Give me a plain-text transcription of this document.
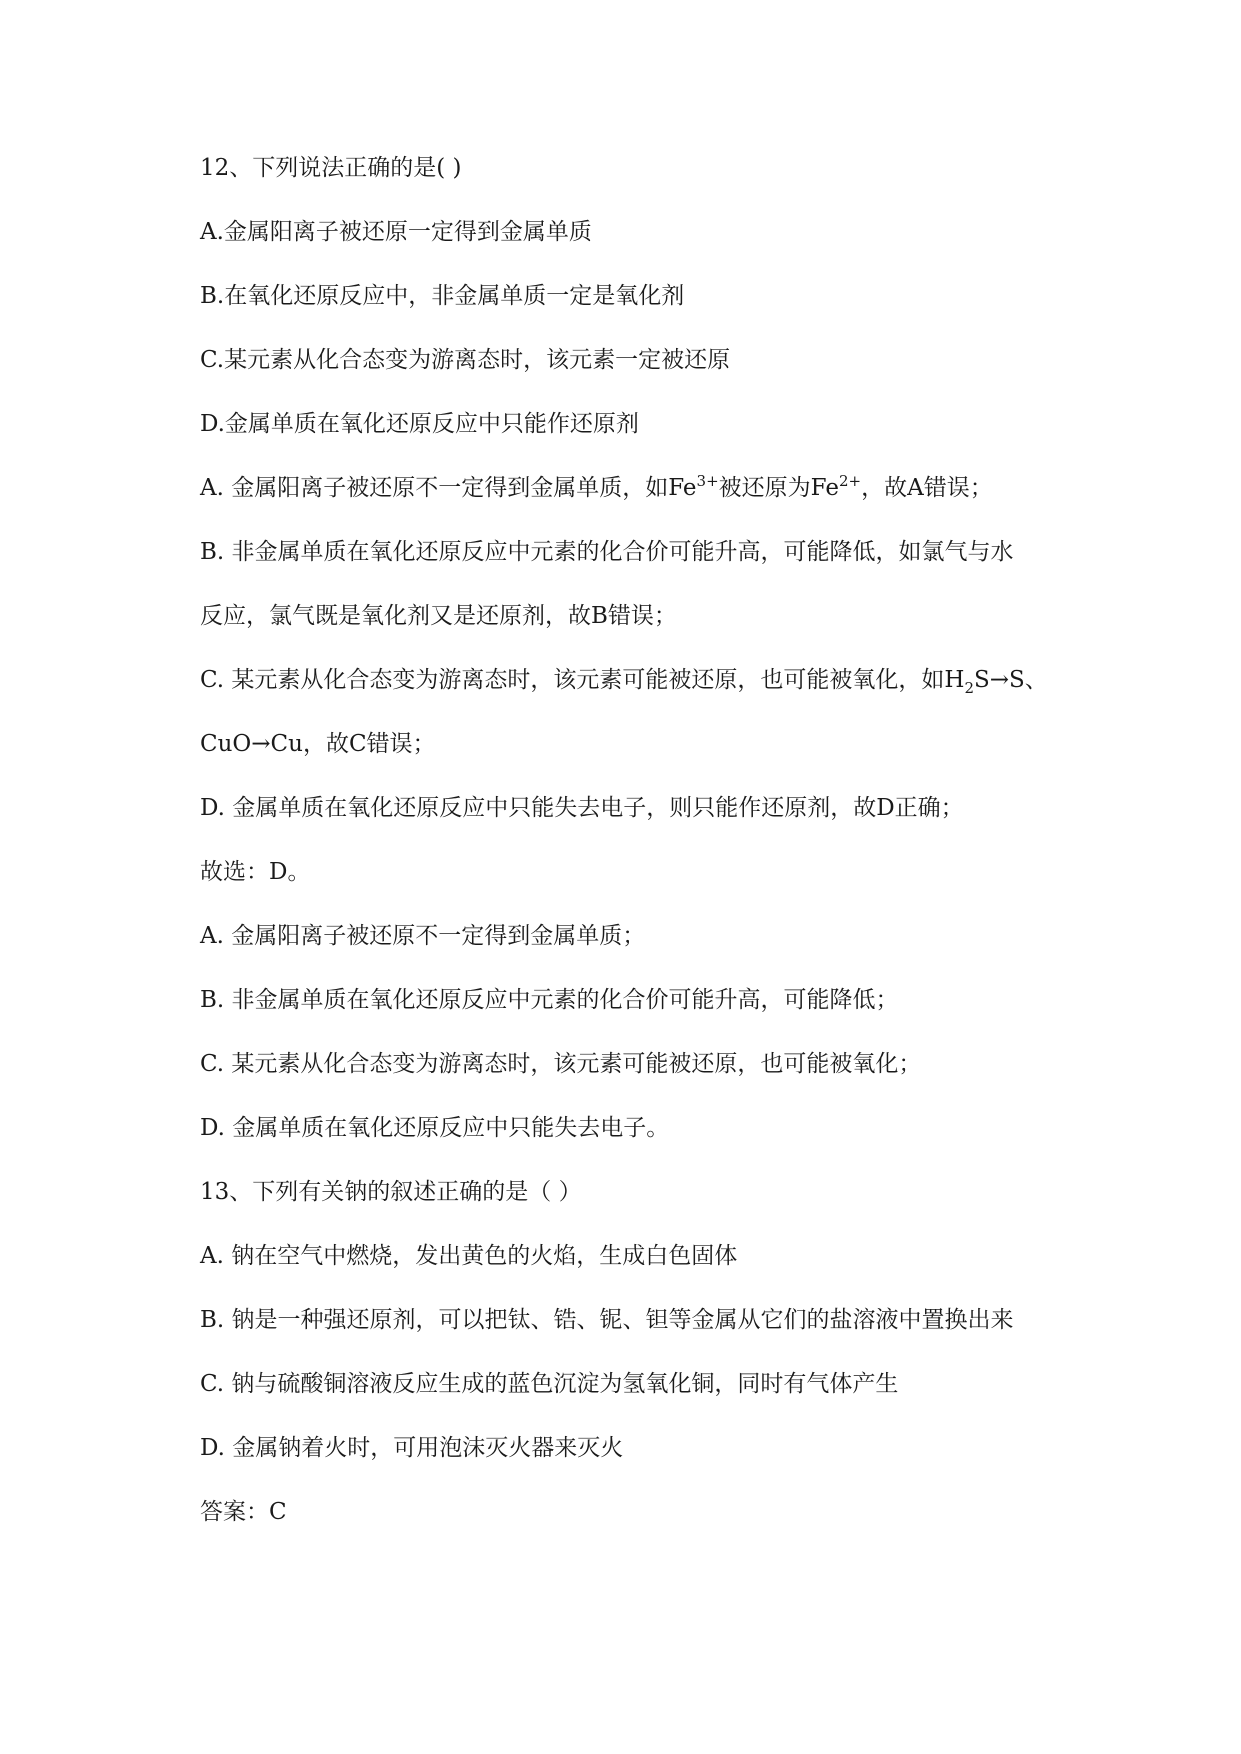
12、下列说法正确的是( )

A.金属阳离子被还原一定得到金属单质

B.在氧化还原反应中，非金属单质一定是氧化剂

C.某元素从化合态变为游离态时，该元素一定被还原

D.金属单质在氧化还原反应中只能作还原剂

A. 金属阳离子被还原不一定得到金属单质，如$Fe^{3+}$被还原为$Fe^{2+}$，故A错误；

B. 非金属单质在氧化还原反应中元素的化合价可能升高，可能降低，如氯气与水

反应，氯气既是氧化剂又是还原剂，故B错误；

C. 某元素从化合态变为游离态时，该元素可能被还原，也可能被氧化，如$H_2S\to S$、

CuO→Cu，故C错误；

D. 金属单质在氧化还原反应中只能失去电子，则只能作还原剂，故D正确；

故选：D。

A. 金属阳离子被还原不一定得到金属单质；

B. 非金属单质在氧化还原反应中元素的化合价可能升高，可能降低；

C. 某元素从化合态变为游离态时，该元素可能被还原，也可能被氧化；

D. 金属单质在氧化还原反应中只能失去电子。

13、下列有关钠的叙述正确的是（ ）

A. 钠在空气中燃烧，发出黄色的火焰，生成白色固体

B. 钠是一种强还原剂，可以把钛、锆、铌、钽等金属从它们的盐溶液中置换出来

C. 钠与硫酸铜溶液反应生成的蓝色沉淀为氢氧化铜，同时有气体产生

D. 金属钠着火时，可用泡沫灭火器来灭火

答案：C
